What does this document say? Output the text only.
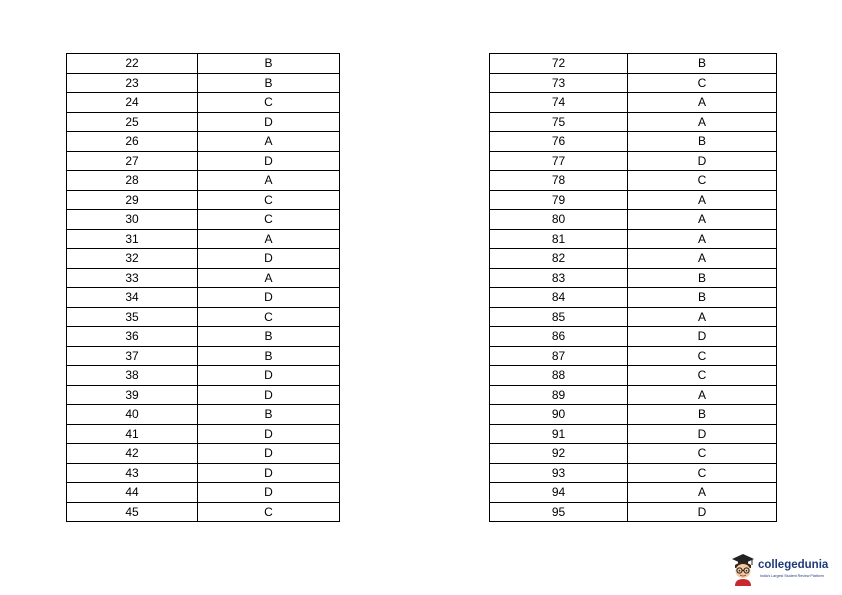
22	B
23	B
24	C
25	D
26	A
27	D
28	A
29	C
30	C
31	A
32	D
33	A
34	D
35	C
36	B
37	B
38	D
39	D
40	B
41	D
42	D
43	D
44	D
45	C
72	B
73	C
74	A
75	A
76	B
77	D
78	C
79	A
80	A
81	A
82	A
83	B
84	B
85	A
86	D
87	C
88	C
89	A
90	B
91	D
92	C
93	C
94	A
95	D
collegedunia
India's Largest Student Review Platform
